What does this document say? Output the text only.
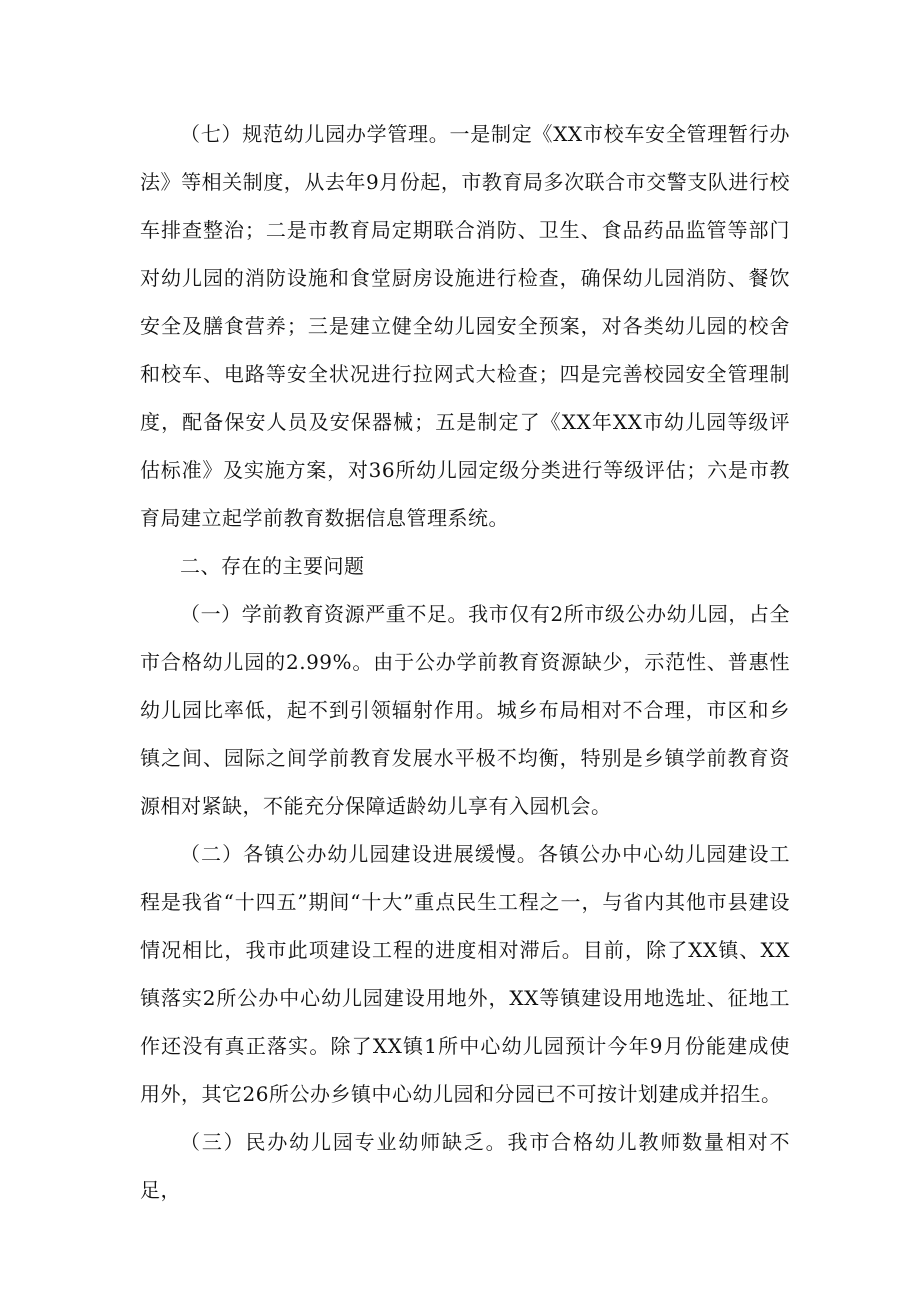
（七）规范幼儿园办学管理。一是制定《XX市校车安全管理暂行办法》等相关制度，从去年9月份起，市教育局多次联合市交警支队进行校车排查整治；二是市教育局定期联合消防、卫生、食品药品监管等部门对幼儿园的消防设施和食堂厨房设施进行检查，确保幼儿园消防、餐饮安全及膳食营养；三是建立健全幼儿园安全预案，对各类幼儿园的校舍和校车、电路等安全状况进行拉网式大检查；四是完善校园安全管理制度，配备保安人员及安保器械；五是制定了《XX年XX市幼儿园等级评估标准》及实施方案，对36所幼儿园定级分类进行等级评估；六是市教育局建立起学前教育数据信息管理系统。

二、存在的主要问题

（一）学前教育资源严重不足。我市仅有2所市级公办幼儿园，占全市合格幼儿园的2.99%。由于公办学前教育资源缺少，示范性、普惠性幼儿园比率低，起不到引领辐射作用。城乡布局相对不合理，市区和乡镇之间、园际之间学前教育发展水平极不均衡，特别是乡镇学前教育资源相对紧缺，不能充分保障适龄幼儿享有入园机会。

（二）各镇公办幼儿园建设进展缓慢。各镇公办中心幼儿园建设工程是我省“十四五”期间“十大”重点民生工程之一，与省内其他市县建设情况相比，我市此项建设工程的进度相对滞后。目前，除了XX镇、XX镇落实2所公办中心幼儿园建设用地外，XX等镇建设用地选址、征地工作还没有真正落实。除了XX镇1所中心幼儿园预计今年9月份能建成使用外，其它26所公办乡镇中心幼儿园和分园已不可按计划建成并招生。

（三）民办幼儿园专业幼师缺乏。我市合格幼儿教师数量相对不足，
